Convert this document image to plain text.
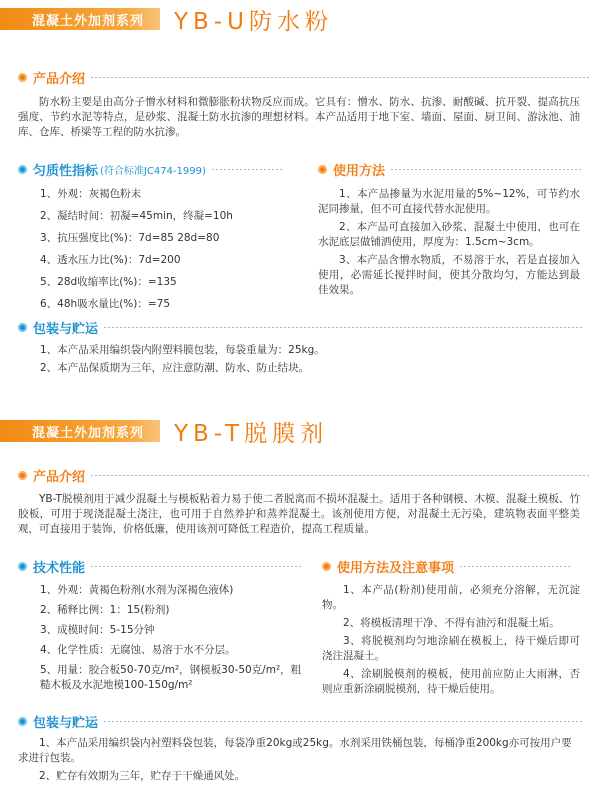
混凝土外加剂系列	YB-U防水粉
产品介绍
防水粉主要是由高分子憎水材料和微膨胀粉状物反应而成。它具有：憎水、防水、抗渗、耐酸碱、抗开裂、提高抗压强度、节约水泥等特点，是砂浆、混凝土防水抗渗的理想材料。本产品适用于地下室、墙面、屋面、厨卫间、游泳池、油库、仓库、桥梁等工程的防水抗渗。
匀质性指标 (符合标准JC474-1999)
1、外观：灰褐色粉末
2、凝结时间：初凝=45min，终凝=10h
3、抗压强度比(%)：7d=85 28d=80
4、透水压力比(%)：7d=200
5、28d收缩率比(%)：=135
6、48h吸水量比(%)：=75
使用方法
1、本产品掺量为水泥用量的5%~12%，可节约水泥同掺量，但不可直接代替水泥使用。
2、本产品可直接加入砂浆、混凝土中使用，也可在水泥底层做铺洒使用，厚度为：1.5cm~3cm。
3、本产品含憎水物质，不易溶于水，若是直接加入使用，必需延长搅拌时间，使其分散均匀，方能达到最佳效果。
包装与贮运
1、本产品采用编织袋内附塑料膜包装，每袋重量为：25kg。
2、本产品保质期为三年，应注意防潮、防水、防止结块。
混凝土外加剂系列	YB-T脱膜剂
产品介绍
YB-T脱模剂用于减少混凝土与模板粘着力易于使二者脱离而不损坏混凝土。适用于各种钢模、木模、混凝土模板、竹胶板，可用于现浇混凝土浇注，也可用于自然养护和蒸养混凝土。该剂使用方便，对混凝土无污染，建筑物表面平整美观，可直接用于装饰，价格低廉，使用该剂可降低工程造价，提高工程质量。
技术性能
1、外观：黄褐色粉剂(水剂为深褐色液体)
2、稀释比例：1：15(粉剂)
3、成模时间：5-15分钟
4、化学性质：无腐蚀、易溶于水不分层。
5、用量：胶合板50-70克/m²，钢模板30-50克/m²，粗糙木板及水泥地模100-150g/m²
使用方法及注意事项
1、本产品(粉剂)使用前，必须充分溶解，无沉淀物。
2、将模板清理干净、不得有油污和混凝土垢。
3、将脱模剂均匀地涂刷在模板上，待干燥后即可浇注混凝土。
4、涂刷脱模剂的模板，使用前应防止大雨淋，否则应重新涂刷脱模剂，待干燥后使用。
包装与贮运
1、本产品采用编织袋内衬塑料袋包装，每袋净重20kg或25kg。水剂采用铁桶包装，每桶净重200kg亦可按用户要求进行包装。
2、贮存有效期为三年，贮存于干燥通风处。
